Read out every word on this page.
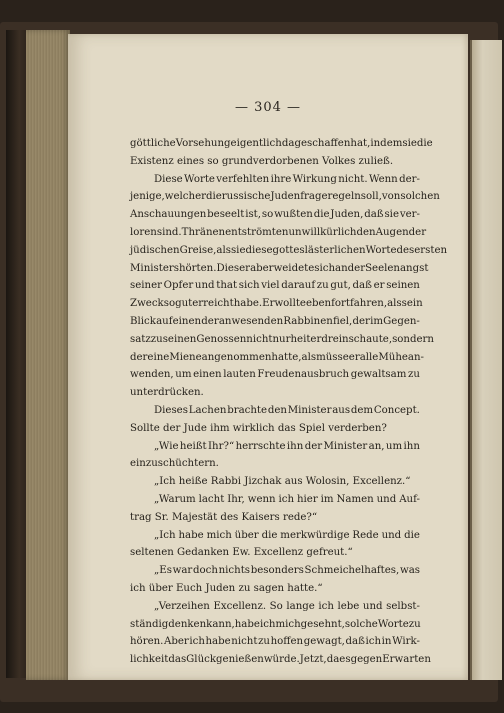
— 304 —
göttliche Vorsehung eigentlich da geschaffen hat, indem sie die
Existenz eines so grundverdorbenen Volkes zuließ.
Diese Worte verfehlten ihre Wirkung nicht. Wenn der-
jenige, welcher die russische Judenfrage regeln soll, von solchen
Anschauungen beseelt ist, so wußten die Juden, daß sie ver-
loren sind. Thränen entströmten unwillkürlich den Augen der
jüdischen Greise, als sie diese gotteslästerlichen Worte des ersten
Ministers hörten. Dieser aber weidete sich an der Seelenangst
seiner Opfer und that sich viel darauf zu gut, daß er seinen
Zweck so gut erreicht habe. Er wollte eben fortfahren, als sein
Blick auf einen der anwesenden Rabbinen fiel, der im Gegen-
satz zu seinen Genossen nicht nur heiter dreinschaute, sondern
der eine Miene angenommen hatte, als müsse er alle Mühe an-
wenden, um einen lauten Freudenausbruch gewaltsam zu
unterdrücken.
Dieses Lachen brachte den Minister aus dem Concept.
Sollte der Jude ihm wirklich das Spiel verderben?
„Wie heißt Ihr?“ herrschte ihn der Minister an, um ihn
einzuschüchtern.
„Ich heiße Rabbi Jizchak aus Wolosin, Excellenz.“
„Warum lacht Ihr, wenn ich hier im Namen und Auf-
trag Sr. Majestät des Kaisers rede?“
„Ich habe mich über die merkwürdige Rede und die
seltenen Gedanken Ew. Excellenz gefreut.“
„Es war doch nichts besonders Schmeichelhaftes, was
ich über Euch Juden zu sagen hatte.“
„Verzeihen Excellenz. So lange ich lebe und selbst-
ständig denken kann, habe ich mich gesehnt, solche Worte zu
hören. Aber ich habe nicht zu hoffen gewagt, daß ich in Wirk-
lichkeit das Glück genießen würde. Jetzt, da es gegen Erwarten
